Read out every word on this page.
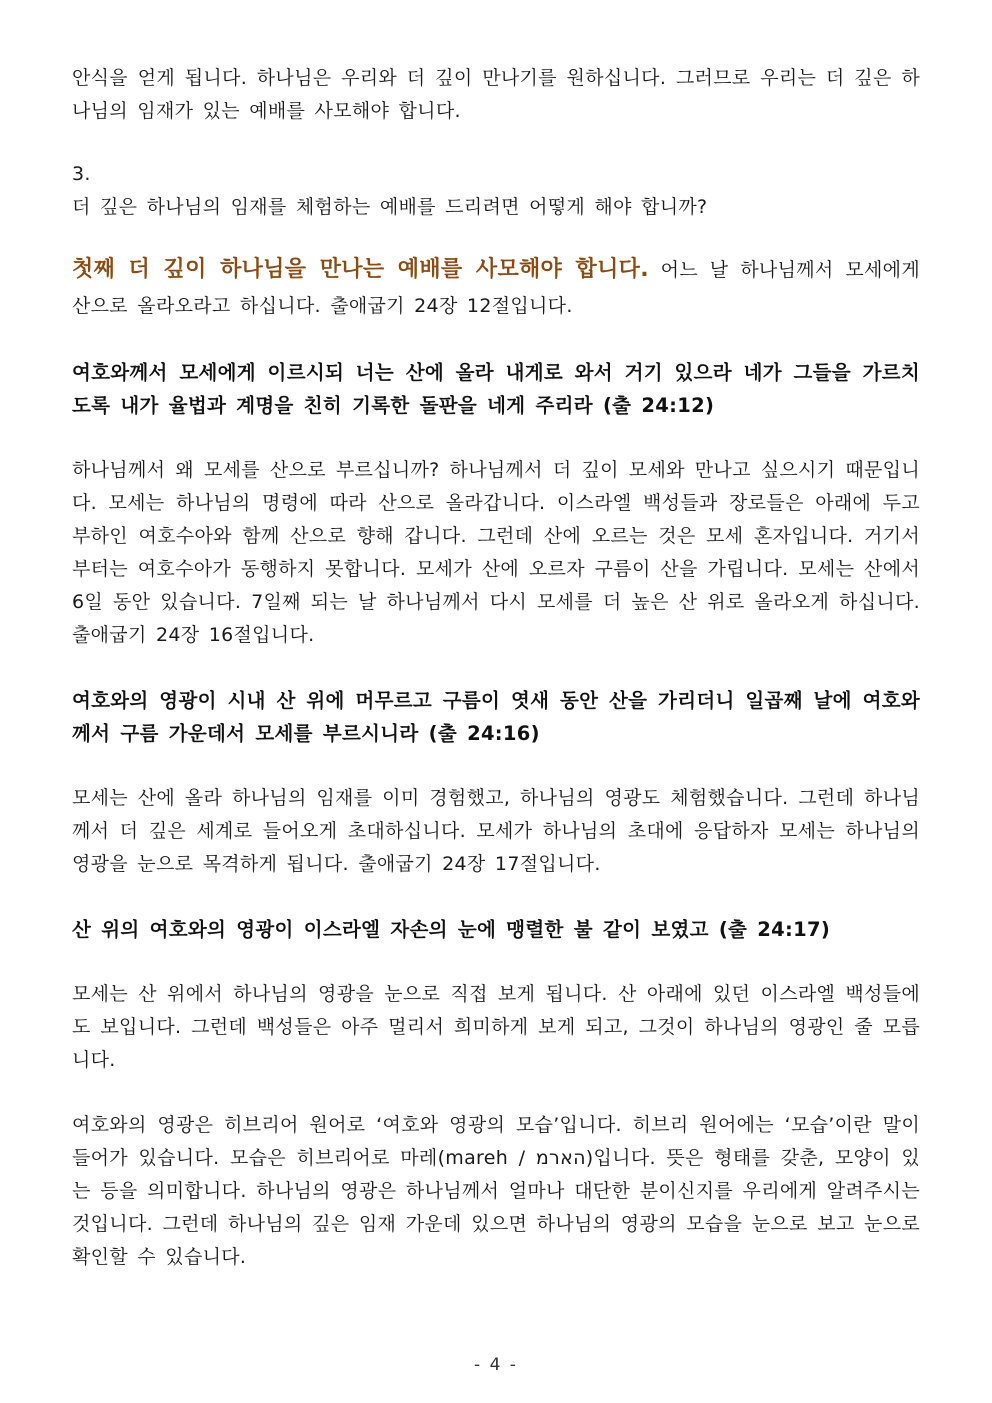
안식을 얻게 됩니다. 하나님은 우리와 더 깊이 만나기를 원하십니다. 그러므로 우리는 더 깊은 하나님의 임재가 있는 예배를 사모해야 합니다.

3.

더 깊은 하나님의 임재를 체험하는 예배를 드리려면 어떻게 해야 합니까?

첫째 더 깊이 하나님을 만나는 예배를 사모해야 합니다. 어느 날 하나님께서 모세에게 산으로 올라오라고 하십니다. 출애굽기 24장 12절입니다.

여호와께서 모세에게 이르시되 너는 산에 올라 내게로 와서 거기 있으라 네가 그들을 가르치도록 내가 율법과 계명을 친히 기록한 돌판을 네게 주리라 (출 24:12)

하나님께서 왜 모세를 산으로 부르십니까? 하나님께서 더 깊이 모세와 만나고 싶으시기 때문입니다. 모세는 하나님의 명령에 따라 산으로 올라갑니다. 이스라엘 백성들과 장로들은 아래에 두고 부하인 여호수아와 함께 산으로 향해 갑니다. 그런데 산에 오르는 것은 모세 혼자입니다. 거기서부터는 여호수아가 동행하지 못합니다. 모세가 산에 오르자 구름이 산을 가립니다. 모세는 산에서 6일 동안 있습니다. 7일째 되는 날 하나님께서 다시 모세를 더 높은 산 위로 올라오게 하십니다. 출애굽기 24장 16절입니다.

여호와의 영광이 시내 산 위에 머무르고 구름이 엿새 동안 산을 가리더니 일곱째 날에 여호와께서 구름 가운데서 모세를 부르시니라 (출 24:16)

모세는 산에 올라 하나님의 임재를 이미 경험했고, 하나님의 영광도 체험했습니다. 그런데 하나님께서 더 깊은 세계로 들어오게 초대하십니다. 모세가 하나님의 초대에 응답하자 모세는 하나님의 영광을 눈으로 목격하게 됩니다. 출애굽기 24장 17절입니다.

산 위의 여호와의 영광이 이스라엘 자손의 눈에 맹렬한 불 같이 보였고 (출 24:17)

모세는 산 위에서 하나님의 영광을 눈으로 직접 보게 됩니다. 산 아래에 있던 이스라엘 백성들에도 보입니다. 그런데 백성들은 아주 멀리서 희미하게 보게 되고, 그것이 하나님의 영광인 줄 모릅니다.

여호와의 영광은 히브리어 원어로 ‘여호와 영광의 모습’입니다. 히브리 원어에는 ‘모습’이란 말이 들어가 있습니다. 모습은 히브리어로 마레(mareh / הארמ)입니다. 뜻은 형태를 갖춘, 모양이 있는 등을 의미합니다. 하나님의 영광은 하나님께서 얼마나 대단한 분이신지를 우리에게 알려주시는 것입니다. 그런데 하나님의 깊은 임재 가운데 있으면 하나님의 영광의 모습을 눈으로 보고 눈으로 확인할 수 있습니다.

- 4 -
